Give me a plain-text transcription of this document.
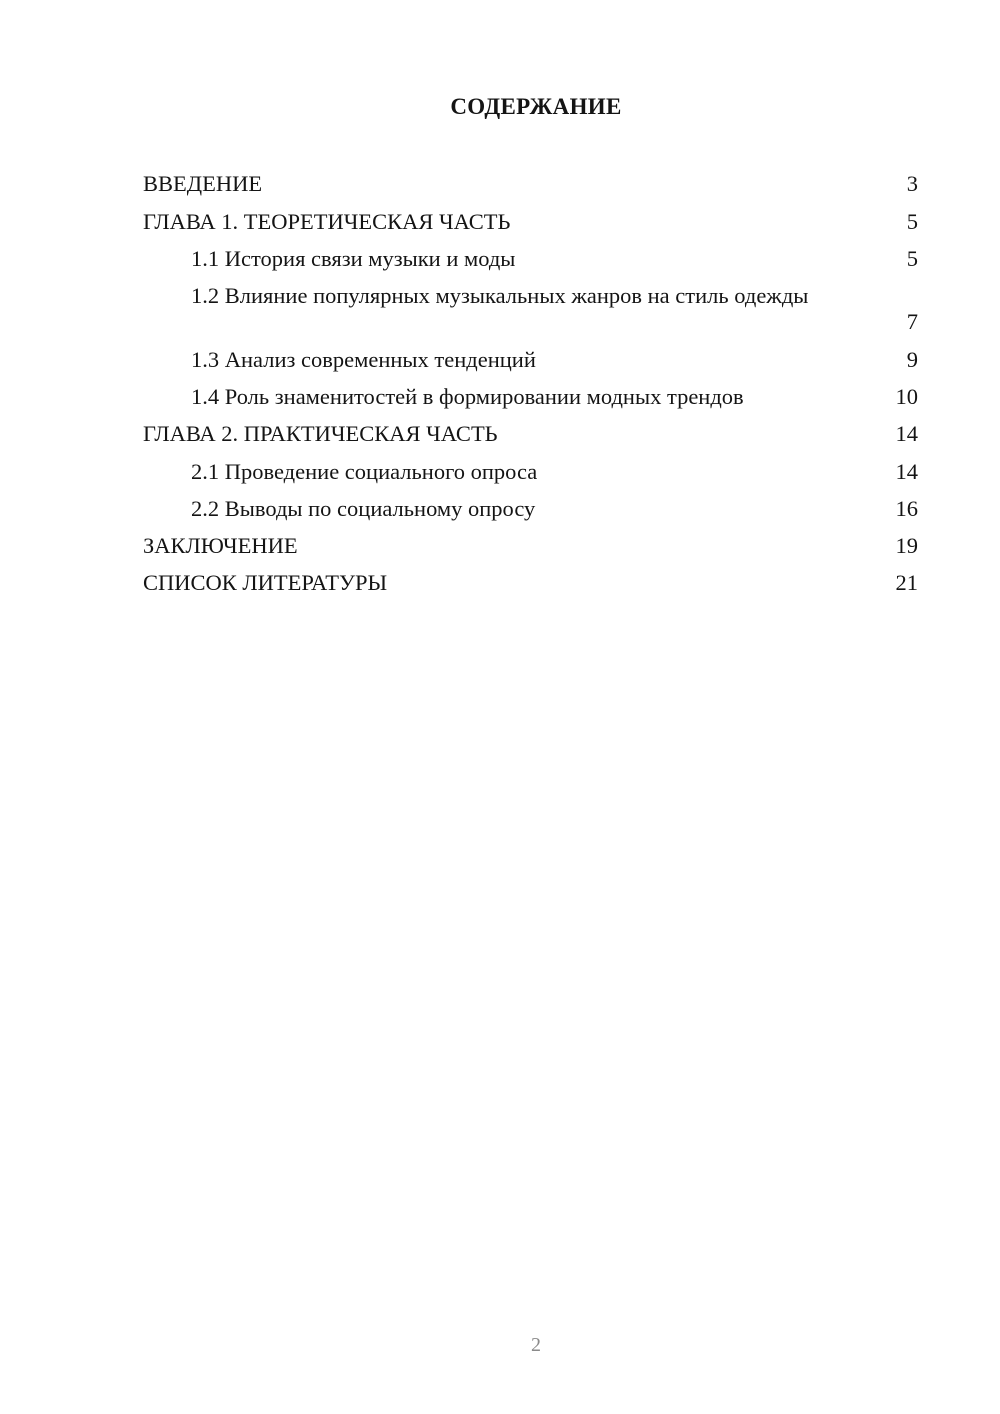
СОДЕРЖАНИЕ
ВВЕДЕНИЕ	3
ГЛАВА 1. ТЕОРЕТИЧЕСКАЯ ЧАСТЬ	5
1.1 История связи музыки и моды	5
1.2 Влияние популярных музыкальных жанров на стиль одежды
7
1.3 Анализ современных тенденций	9
1.4 Роль знаменитостей в формировании модных трендов	10
ГЛАВА 2. ПРАКТИЧЕСКАЯ ЧАСТЬ	14
2.1 Проведение социального опроса	14
2.2 Выводы по социальному опросу	16
ЗАКЛЮЧЕНИЕ	19
СПИСОК ЛИТЕРАТУРЫ	21
2
